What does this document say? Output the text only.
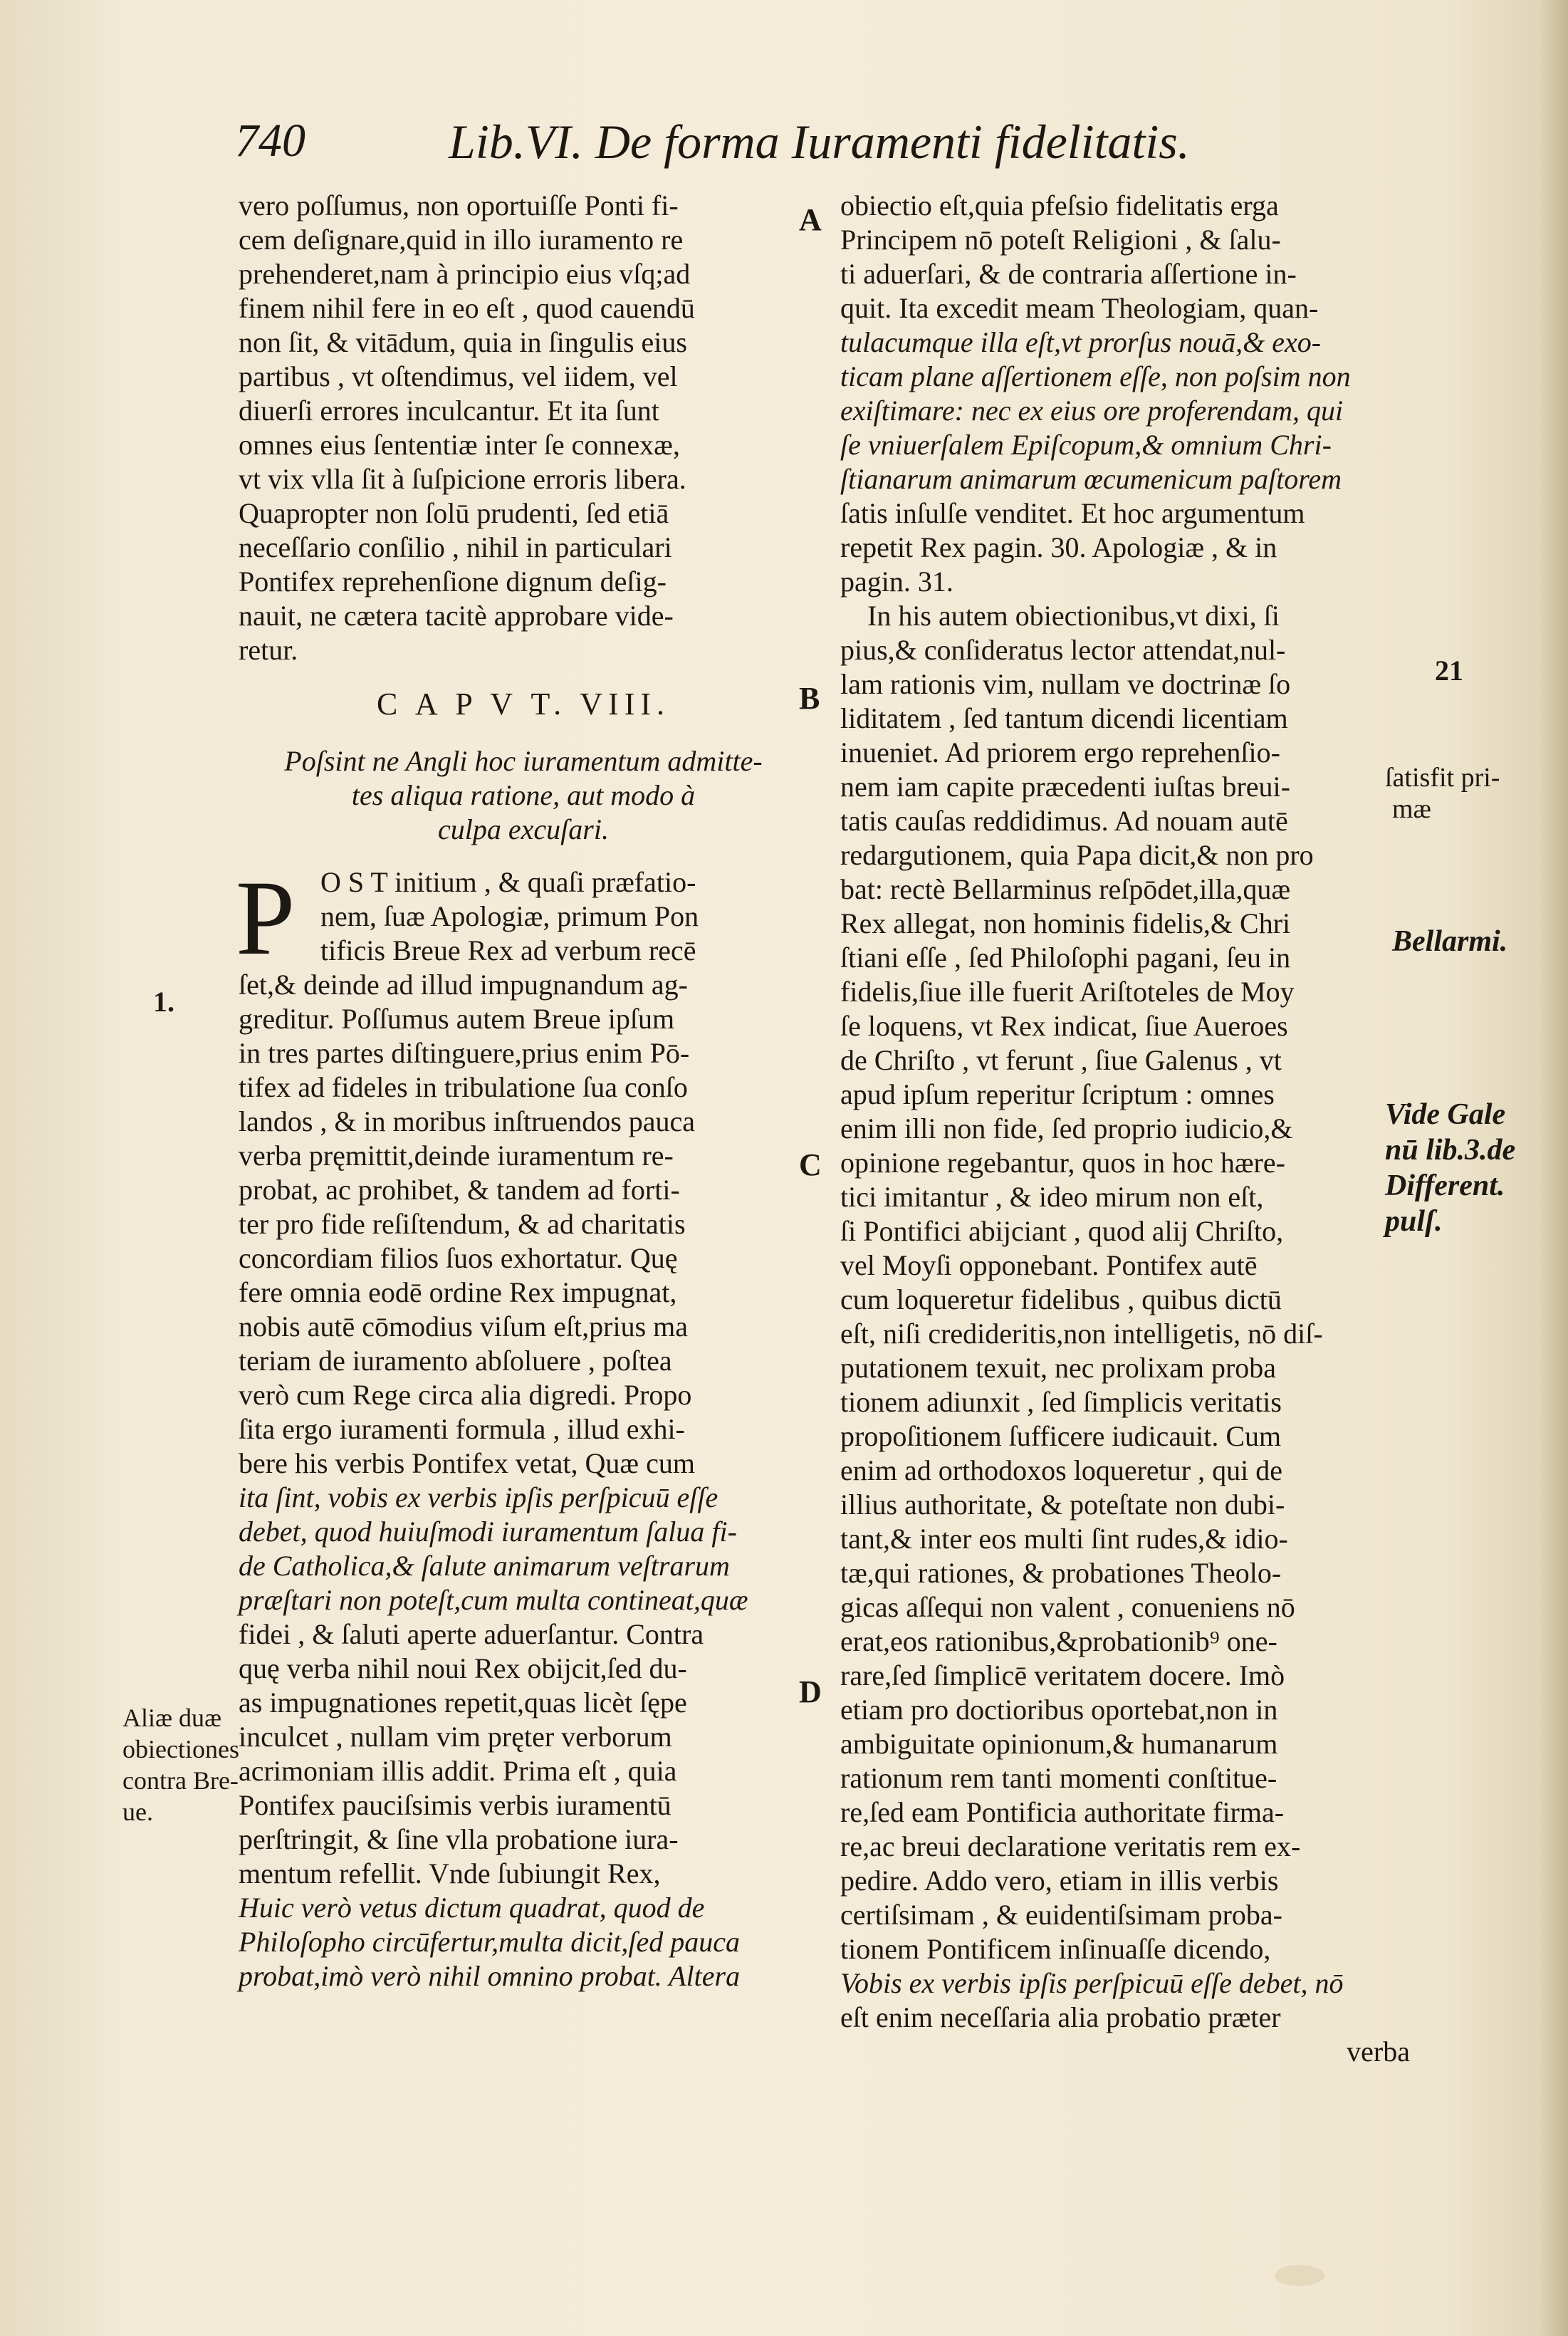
740	Lib.VI. De forma Iuramenti fidelitatis.
vero poſſumus, non oportuiſſe Ponti fi-
cem deſignare,quid in illo iuramento re
prehenderet,nam à principio eius vſq;ad
finem nihil fere in eo eſt , quod cauendū
non ſit, & vitādum, quia in ſingulis eius
partibus , vt oſtendimus, vel iidem, vel
diuerſi errores inculcantur. Et ita ſunt
omnes eius ſententiæ inter ſe connexæ,
vt vix vlla ſit à ſuſpicione erroris libera.
Quapropter non ſolū prudenti, ſed etiā
neceſſario conſilio , nihil in particulari
Pontifex reprehenſione dignum deſig-
nauit, ne cætera tacitè approbare vide-
retur.
C A P V T. VIII.
Poſsint ne Angli hoc iuramentum admitte-
tes aliqua ratione, aut modo à
culpa excuſari.
P O S T initium , & quaſi præfatio-
nem, ſuæ Apologiæ, primum Pon
tificis Breue Rex ad verbum recē
ſet,& deinde ad illud impugnandum ag-
greditur. Poſſumus autem Breue ipſum
in tres partes diſtinguere,prius enim Pō-
tifex ad fideles in tribulatione ſua conſo
landos , & in moribus inſtruendos pauca
verba pręmittit,deinde iuramentum re-
probat, ac prohibet, & tandem ad forti-
ter pro fide reſiſtendum, & ad charitatis
concordiam filios ſuos exhortatur. Quę
fere omnia eodē ordine Rex impugnat,
nobis autē cōmodius viſum eſt,prius ma
teriam de iuramento abſoluere , poſtea
verò cum Rege circa alia digredi. Propo
ſita ergo iuramenti formula , illud exhi-
bere his verbis Pontifex vetat, Quæ cum
ita ſint, vobis ex verbis ipſis perſpicuū eſſe
debet, quod huiuſmodi iuramentum ſalua fi-
de Catholica,& ſalute animarum veſtrarum
præſtari non poteſt,cum multa contineat,quæ
fidei , & ſaluti aperte aduerſantur. Contra
quę verba nihil noui Rex obijcit,ſed du-
as impugnationes repetit,quas licèt ſępe
inculcet , nullam vim pręter verborum
acrimoniam illis addit. Prima eſt , quia
Pontifex pauciſsimis verbis iuramentū
perſtringit, & ſine vlla probatione iura-
mentum refellit. Vnde ſubiungit Rex,
Huic verò vetus dictum quadrat, quod de
Philoſopho circūfertur,multa dicit,ſed pauca
probat,imò verò nihil omnino probat. Altera
obiectio eſt,quia pfeſsio fidelitatis erga
Principem nō poteſt Religioni , & ſalu-
ti aduerſari, & de contraria aſſertione in-
quit. Ita excedit meam Theologiam, quan-
tulacumque illa eſt,vt prorſus nouā,& exo-
ticam plane aſſertionem eſſe, non poſsim non
exiſtimare: nec ex eius ore proferendam, qui
ſe vniuerſalem Epiſcopum,& omnium Chri-
ſtianarum animarum œcumenicum paſtorem
ſatis inſulſe venditet. Et hoc argumentum
repetit Rex pagin. 30. Apologiæ , & in
pagin. 31.
In his autem obiectionibus,vt dixi, ſi
pius,& conſideratus lector attendat,nul-
lam rationis vim, nullam ve doctrinæ ſo
liditatem , ſed tantum dicendi licentiam
inueniet. Ad priorem ergo reprehenſio-
nem iam capite præcedenti iuſtas breui-
tatis cauſas reddidimus. Ad nouam autē
redargutionem, quia Papa dicit,& non pro
bat: rectè Bellarminus reſpōdet,illa,quæ
Rex allegat, non hominis fidelis,& Chri
ſtiani eſſe , ſed Philoſophi pagani, ſeu in
fidelis,ſiue ille fuerit Ariſtoteles de Moy
ſe loquens, vt Rex indicat, ſiue Aueroes
de Chriſto , vt ferunt , ſiue Galenus , vt
apud ipſum reperitur ſcriptum : omnes
enim illi non fide, ſed proprio iudicio,&
opinione regebantur, quos in hoc hære-
tici imitantur , & ideo mirum non eſt,
ſi Pontifici abijciant , quod alij Chriſto,
vel Moyſi opponebant. Pontifex autē
cum loqueretur fidelibus , quibus dictū
eſt, niſi credideritis,non intelligetis, nō diſ-
putationem texuit, nec prolixam proba
tionem adiunxit , ſed ſimplicis veritatis
propoſitionem ſufficere iudicauit. Cum
enim ad orthodoxos loqueretur , qui de
illius authoritate, & poteſtate non dubi-
tant,& inter eos multi ſint rudes,& idio-
tæ,qui rationes, & probationes Theolo-
gicas aſſequi non valent , conueniens nō
erat,eos rationibus,&probationib⁹ one-
rare,ſed ſimplicē veritatem docere. Imò
etiam pro doctioribus oportebat,non in
ambiguitate opinionum,& humanarum
rationum rem tanti momenti conſtitue-
re,ſed eam Pontificia authoritate firma-
re,ac breui declaratione veritatis rem ex-
pedire. Addo vero, etiam in illis verbis
certiſsimam , & euidentiſsimam proba-
tionem Pontificem inſinuaſſe dicendo,
Vobis ex verbis ipſis perſpicuū eſſe debet, nō
eſt enim neceſſaria alia probatio præter
verba
A
B
C
D
1.
Aliæ duæ
obiectiones
contra Bre-
ue.
21
ſatisfit pri-
mæ
Bellarmi.
Vide Gale
nū lib.3.de
Different.
pulſ.
